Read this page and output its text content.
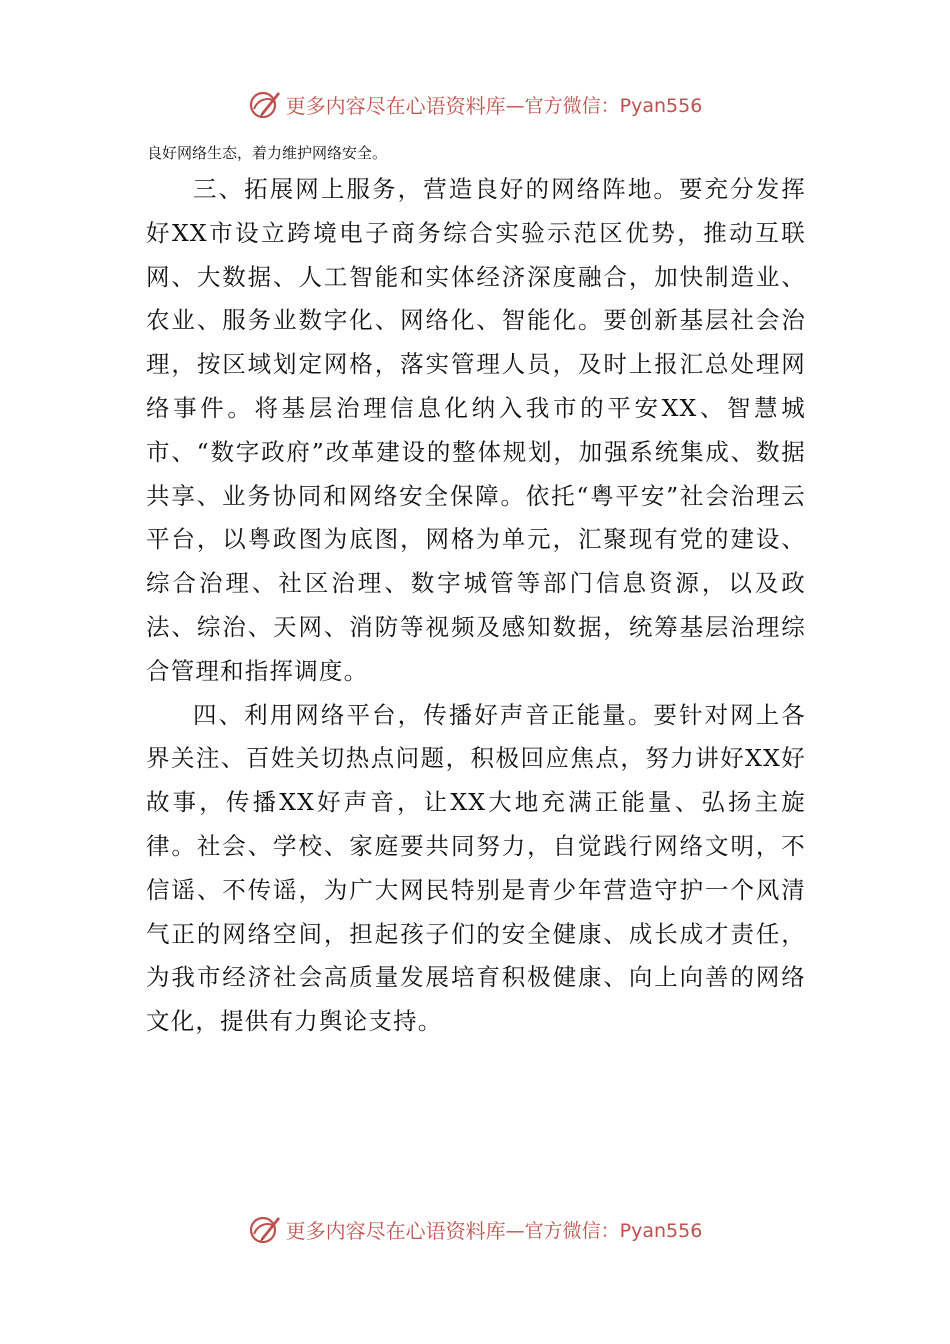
更多内容尽在心语资料库 —官方微信：Pyan556
良好网络生态，着力维护网络安全。

三、拓展网上服务，营造良好的网络阵地。要充分发挥好XX市设立跨境电子商务综合实验示范区优势，推动互联网、大数据、人工智能和实体经济深度融合，加快制造业、农业、服务业数字化、网络化、智能化。要创新基层社会治理，按区域划定网格，落实管理人员，及时上报汇总处理网络事件。将基层治理信息化纳入我市的平安XX、智慧城市、“数字政府”改革建设的整体规划，加强系统集成、数据共享、业务协同和网络安全保障。依托“粤平安”社会治理云平台，以粤政图为底图，网格为单元，汇聚现有党的建设、综合治理、社区治理、数字城管等部门信息资源，以及政法、综治、天网、消防等视频及感知数据，统筹基层治理综合管理和指挥调度。

四、利用网络平台，传播好声音正能量。要针对网上各界关注、百姓关切热点问题，积极回应焦点，努力讲好XX好故事，传播XX好声音，让XX大地充满正能量、弘扬主旋律。社会、学校、家庭要共同努力，自觉践行网络文明，不信谣、不传谣，为广大网民特别是青少年营造守护一个风清气正的网络空间，担起孩子们的安全健康、成长成才责任，为我市经济社会高质量发展培育积极健康、向上向善的网络文化，提供有力舆论支持。

更多内容尽在心语资料库 —官方微信：Pyan556
